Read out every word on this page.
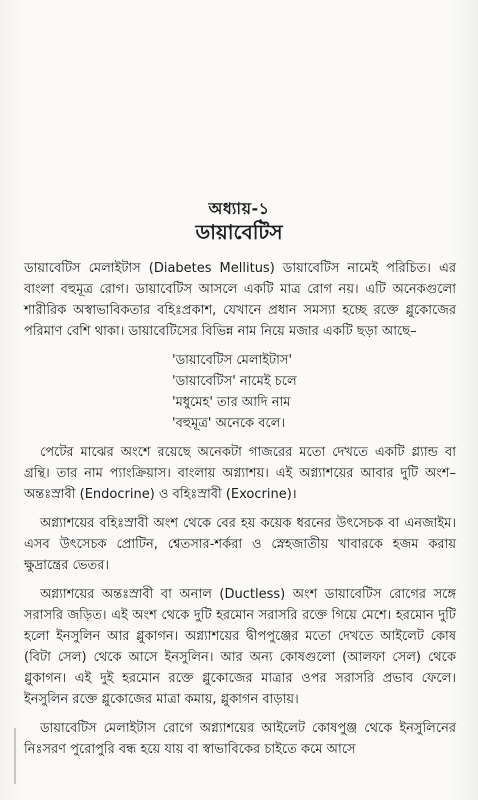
অধ্যায়-১
ডায়াবেটিস

ডায়াবেটিস মেলাইটাস (Diabetes Mellitus) ডায়াবেটিস নামেই পরিচিত। এর বাংলা বহুমূত্র রোগ। ডায়াবেটিস আসলে একটি মাত্র রোগ নয়। এটি অনেকগুলো শারীরিক অস্বাভাবিকতার বহিঃপ্রকাশ, যেখানে প্রধান সমস্যা হচ্ছে রক্তে গ্লুকোজের পরিমাণ বেশি থাকা। ডায়াবেটিসের বিভিন্ন নাম নিয়ে মজার একটি ছড়া আছে–

'ডায়াবেটিস মেলাইটাস'
'ডায়াবেটিস' নামেই চলে
'মধুমেহ' তার আদি নাম
'বহুমূত্র' অনেকে বলে।

পেটের মাঝের অংশে রয়েছে অনেকটা গাজরের মতো দেখতে একটি গ্ল্যান্ড বা গ্রন্থি। তার নাম প্যাংক্রিয়াস। বাংলায় অগ্ন্যাশয়। এই অগ্ন্যাশয়ের আবার দুটি অংশ–অন্তঃস্রাবী (Endocrine) ও বহিঃস্রাবী (Exocrine)।

অগ্ন্যাশয়ের বহিঃস্রাবী অংশ থেকে বের হয় কয়েক ধরনের উৎসেচক বা এনজাইম। এসব উৎসেচক প্রোটিন, শ্বেতসার-শর্করা ও স্নেহজাতীয় খাবারকে হজম করায় ক্ষুদ্রান্ত্রের ভেতর।

অগ্ন্যাশয়ের অন্তঃস্রাবী বা অনাল (Ductless) অংশ ডায়াবেটিস রোগের সঙ্গে সরাসরি জড়িত। এই অংশ থেকে দুটি হরমোন সরাসরি রক্তে গিয়ে মেশে। হরমোন দুটি হলো ইনসুলিন আর গ্লুকাগন। অগ্ন্যাশয়ের দ্বীপপুঞ্জের মতো দেখতে আইলেট কোষ (বিটা সেল) থেকে আসে ইনসুলিন। আর অন্য কোষগুলো (আলফা সেল) থেকে গ্লুকাগন। এই দুই হরমোন রক্তে গ্লুকোজের মাত্রার ওপর সরাসরি প্রভাব ফেলে। ইনসুলিন রক্তে গ্লুকোজের মাত্রা কমায়, গ্লুকাগন বাড়ায়।

ডায়াবেটিস মেলাইটাস রোগে অগ্ন্যাশয়ের আইলেট কোষপুঞ্জ থেকে ইনসুলিনের নিঃসরণ পুরোপুরি বন্ধ হয়ে যায় বা স্বাভাবিকের চাইতে কমে আসে
